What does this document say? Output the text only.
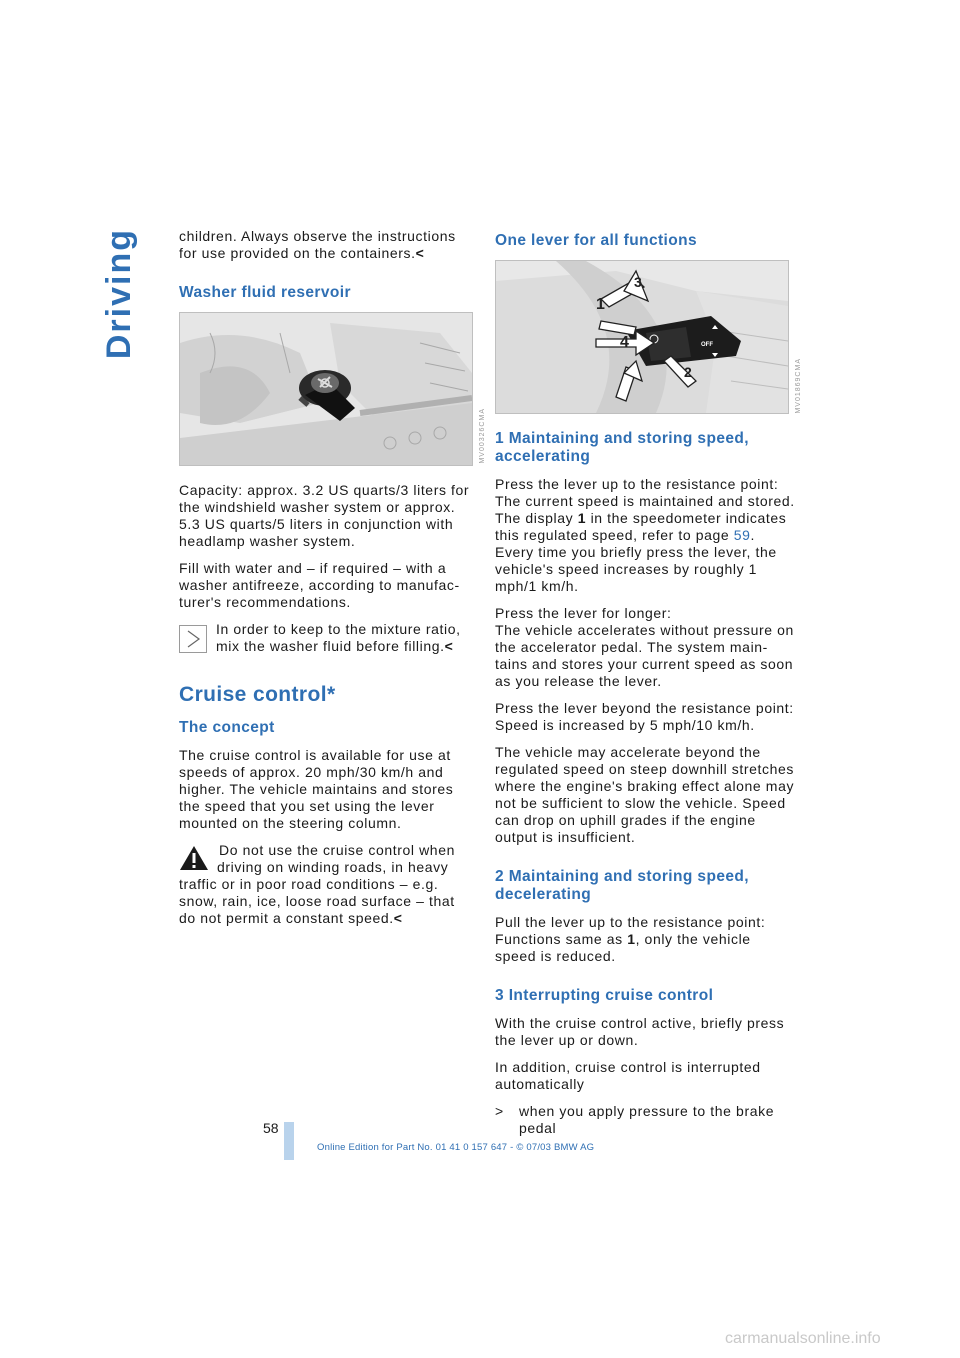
Driving	children. Always observe the instructions for use provided on the containers.<

Washer fluid reservoir
MV00326CMA

Capacity: approx. 3.2 US quarts/3 liters for the windshield washer system or approx. 5.3 US quarts/5 liters in conjunction with headlamp washer system.

Fill with water and – if required – with a washer antifreeze, according to manufac-turer's recommendations.

In order to keep to the mixture ratio, mix the washer fluid before filling.<
Cruise control*
The concept

The cruise control is available for use at speeds of approx. 20 mph/30 km/h and higher. The vehicle maintains and stores the speed that you set using the lever mounted on the steering column.

Do not use the cruise control when driving on winding roads, in heavy traffic or in poor road conditions – e.g. snow, rain, ice, loose road surface – that do not permit a constant speed.<
One lever for all functions
OFF
1
2
3
4
MV01869CMA
1 Maintaining and storing speed, accelerating

Press the lever up to the resistance point: The current speed is maintained and stored. The display 1 in the speedometer indicates this regulated speed, refer to page 59. Every time you briefly press the lever, the vehicle's speed increases by roughly 1 mph/1 km/h.

Press the lever for longer:
The vehicle accelerates without pressure on the accelerator pedal. The system main-tains and stores your current speed as soon as you release the lever.

Press the lever beyond the resistance point:
Speed is increased by 5 mph/10 km/h.

The vehicle may accelerate beyond the regulated speed on steep downhill stretches where the engine's braking effect alone may not be sufficient to slow the vehicle. Speed can drop on uphill grades if the engine output is insufficient.

2 Maintaining and storing speed, decelerating

Pull the lever up to the resistance point:
Functions same as 1, only the vehicle speed is reduced.

3 Interrupting cruise control

With the cruise control active, briefly press the lever up or down.

In addition, cruise control is interrupted automatically

> when you apply pressure to the brake pedal
58
Online Edition for Part No. 01 41 0 157 647 - © 07/03 BMW AG
carmanualsonline.info
